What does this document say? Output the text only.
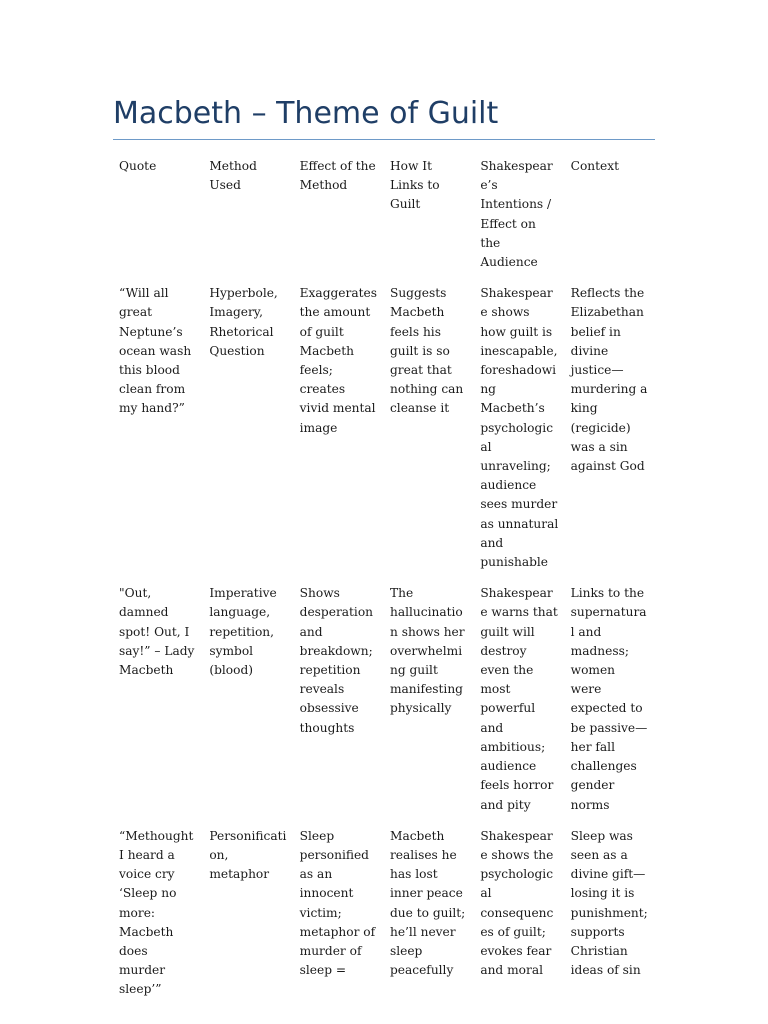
Macbeth – Theme of Guilt
Quote	Method Used	Effect of the Method	How It Links to Guilt	Shakespeare’s Intentions / Effect on the Audience	Context

“Will all great Neptune’s ocean wash this blood clean from my hand?”	Hyperbole, Imagery, Rhetorical Question	Exaggerates the amount of guilt Macbeth feels; creates vivid mental image	Suggests Macbeth feels his guilt is so great that nothing can cleanse it	Shakespeare shows how guilt is inescapable, foreshadowing Macbeth’s psychological unraveling; audience sees murder as unnatural and punishable	Reflects the Elizabethan belief in divine justice—murdering a king (regicide) was a sin against God

"Out, damned spot! Out, I say!” – Lady Macbeth	Imperative language, repetition, symbol (blood)	Shows desperation and breakdown; repetition reveals obsessive thoughts	The hallucination shows her overwhelming guilt manifesting physically	Shakespeare warns that guilt will destroy even the most powerful and ambitious; audience feels horror and pity	Links to the supernatural and madness; women were expected to be passive—her fall challenges gender norms

“Methought I heard a voice cry ‘Sleep no more: Macbeth does murder sleep’”	Personification, metaphor	Sleep personified as an innocent victim; metaphor of murder of sleep =	Macbeth realises he has lost inner peace due to guilt; he’ll never sleep peacefully	Shakespeare shows the psychological consequences of guilt; evokes fear and moral	Sleep was seen as a divine gift—losing it is punishment; supports Christian ideas of sin
